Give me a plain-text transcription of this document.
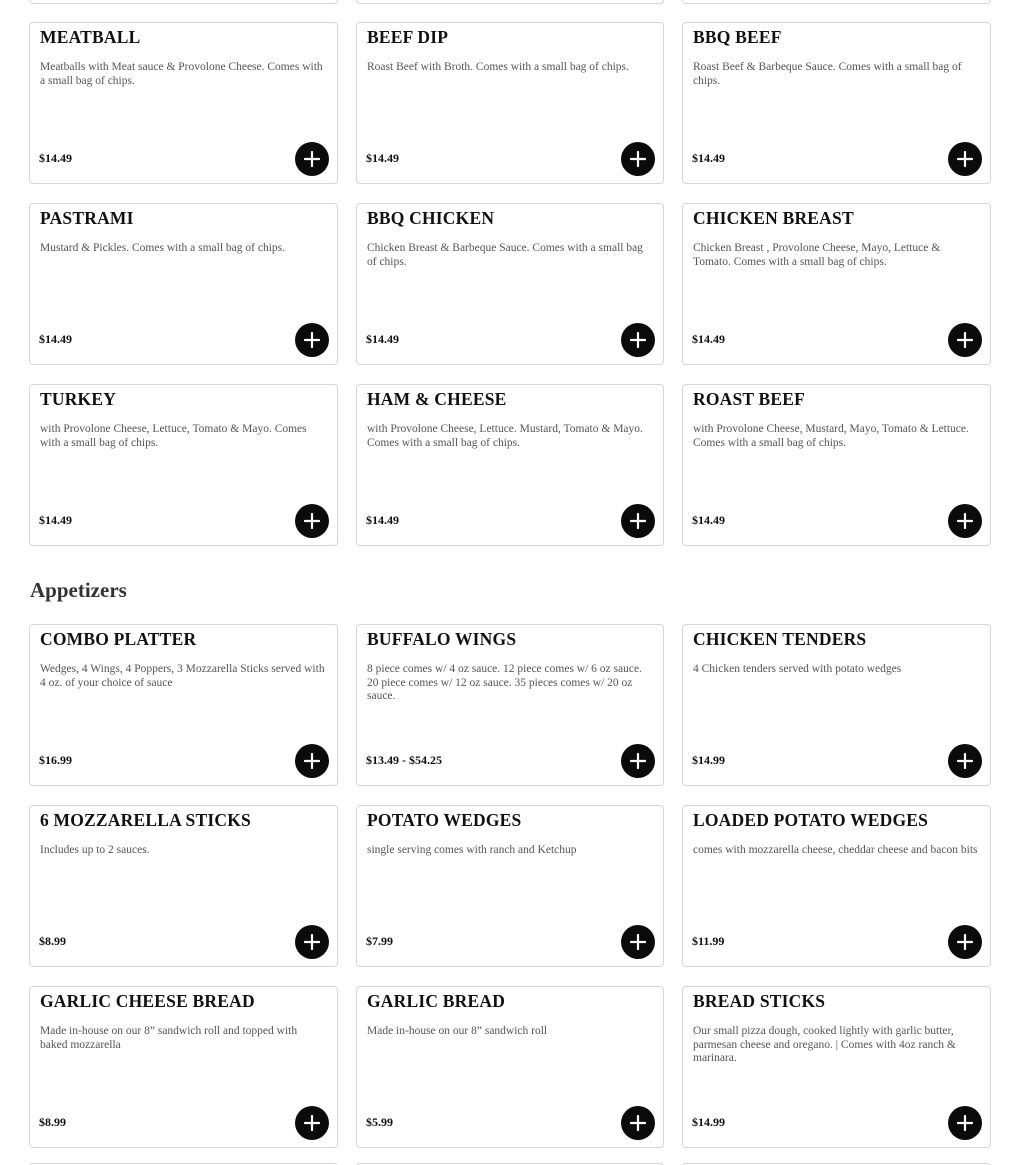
MEATBALL
Meatballs with Meat sauce & Provolone Cheese. Comes with a small bag of chips.
$14.49
BEEF DIP
Roast Beef with Broth. Comes with a small bag of chips.
$14.49
BBQ BEEF
Roast Beef & Barbeque Sauce. Comes with a small bag of chips.
$14.49
PASTRAMI
Mustard & Pickles. Comes with a small bag of chips.
$14.49
BBQ CHICKEN
Chicken Breast & Barbeque Sauce. Comes with a small bag of chips.
$14.49
CHICKEN BREAST
Chicken Breast , Provolone Cheese, Mayo, Lettuce & Tomato. Comes with a small bag of chips.
$14.49
TURKEY
with Provolone Cheese, Lettuce, Tomato & Mayo. Comes with a small bag of chips.
$14.49
HAM & CHEESE
with Provolone Cheese, Lettuce. Mustard, Tomato & Mayo. Comes with a small bag of chips.
$14.49
ROAST BEEF
with Provolone Cheese, Mustard, Mayo, Tomato & Lettuce. Comes with a small bag of chips.
$14.49
Appetizers
COMBO PLATTER
Wedges, 4 Wings, 4 Poppers, 3 Mozzarella Sticks served with 4 oz. of your choice of sauce
$16.99
BUFFALO WINGS
8 piece comes w/ 4 oz sauce. 12 piece comes w/ 6 oz sauce. 20 piece comes w/ 12 oz sauce. 35 pieces comes w/ 20 oz sauce.
$13.49 - $54.25
CHICKEN TENDERS
4 Chicken tenders served with potato wedges
$14.99
6 MOZZARELLA STICKS
Includes up to 2 sauces.
$8.99
POTATO WEDGES
single serving comes with ranch and Ketchup
$7.99
LOADED POTATO WEDGES
comes with mozzarella cheese, cheddar cheese and bacon bits
$11.99
GARLIC CHEESE BREAD
Made in-house on our 8” sandwich roll and topped with baked mozzarella
$8.99
GARLIC BREAD
Made in-house on our 8” sandwich roll
$5.99
BREAD STICKS
Our small pizza dough, cooked lightly with garlic butter, parmesan cheese and oregano. | Comes with 4oz ranch & marinara.
$14.99
